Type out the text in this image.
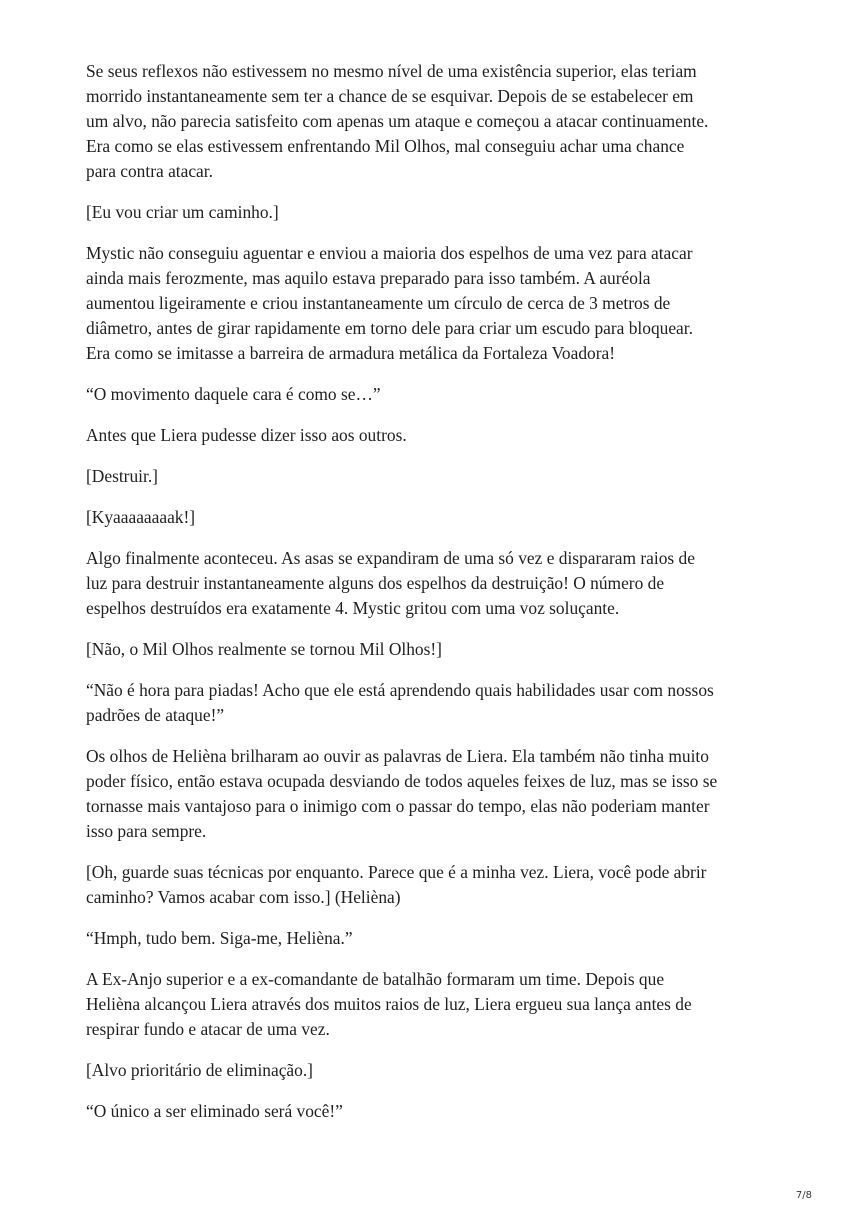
Se seus reflexos não estivessem no mesmo nível de uma existência superior, elas teriam
morrido instantaneamente sem ter a chance de se esquivar. Depois de se estabelecer em
um alvo, não parecia satisfeito com apenas um ataque e começou a atacar continuamente.
Era como se elas estivessem enfrentando Mil Olhos, mal conseguiu achar uma chance
para contra atacar.

[Eu vou criar um caminho.]

Mystic não conseguiu aguentar e enviou a maioria dos espelhos de uma vez para atacar
ainda mais ferozmente, mas aquilo estava preparado para isso também. A auréola
aumentou ligeiramente e criou instantaneamente um círculo de cerca de 3 metros de
diâmetro, antes de girar rapidamente em torno dele para criar um escudo para bloquear.
Era como se imitasse a barreira de armadura metálica da Fortaleza Voadora!

“O movimento daquele cara é como se…”

Antes que Liera pudesse dizer isso aos outros.

[Destruir.]

[Kyaaaaaaaak!]

Algo finalmente aconteceu. As asas se expandiram de uma só vez e dispararam raios de
luz para destruir instantaneamente alguns dos espelhos da destruição! O número de
espelhos destruídos era exatamente 4. Mystic gritou com uma voz soluçante.

[Não, o Mil Olhos realmente se tornou Mil Olhos!]

“Não é hora para piadas! Acho que ele está aprendendo quais habilidades usar com nossos
padrões de ataque!”

Os olhos de Helièna brilharam ao ouvir as palavras de Liera. Ela também não tinha muito
poder físico, então estava ocupada desviando de todos aqueles feixes de luz, mas se isso se
tornasse mais vantajoso para o inimigo com o passar do tempo, elas não poderiam manter
isso para sempre.

[Oh, guarde suas técnicas por enquanto. Parece que é a minha vez. Liera, você pode abrir
caminho? Vamos acabar com isso.] (Helièna)

“Hmph, tudo bem. Siga-me, Helièna.”

A Ex-Anjo superior e a ex-comandante de batalhão formaram um time. Depois que
Helièna alcançou Liera através dos muitos raios de luz, Liera ergueu sua lança antes de
respirar fundo e atacar de uma vez.

[Alvo prioritário de eliminação.]

“O único a ser eliminado será você!”

7/8
